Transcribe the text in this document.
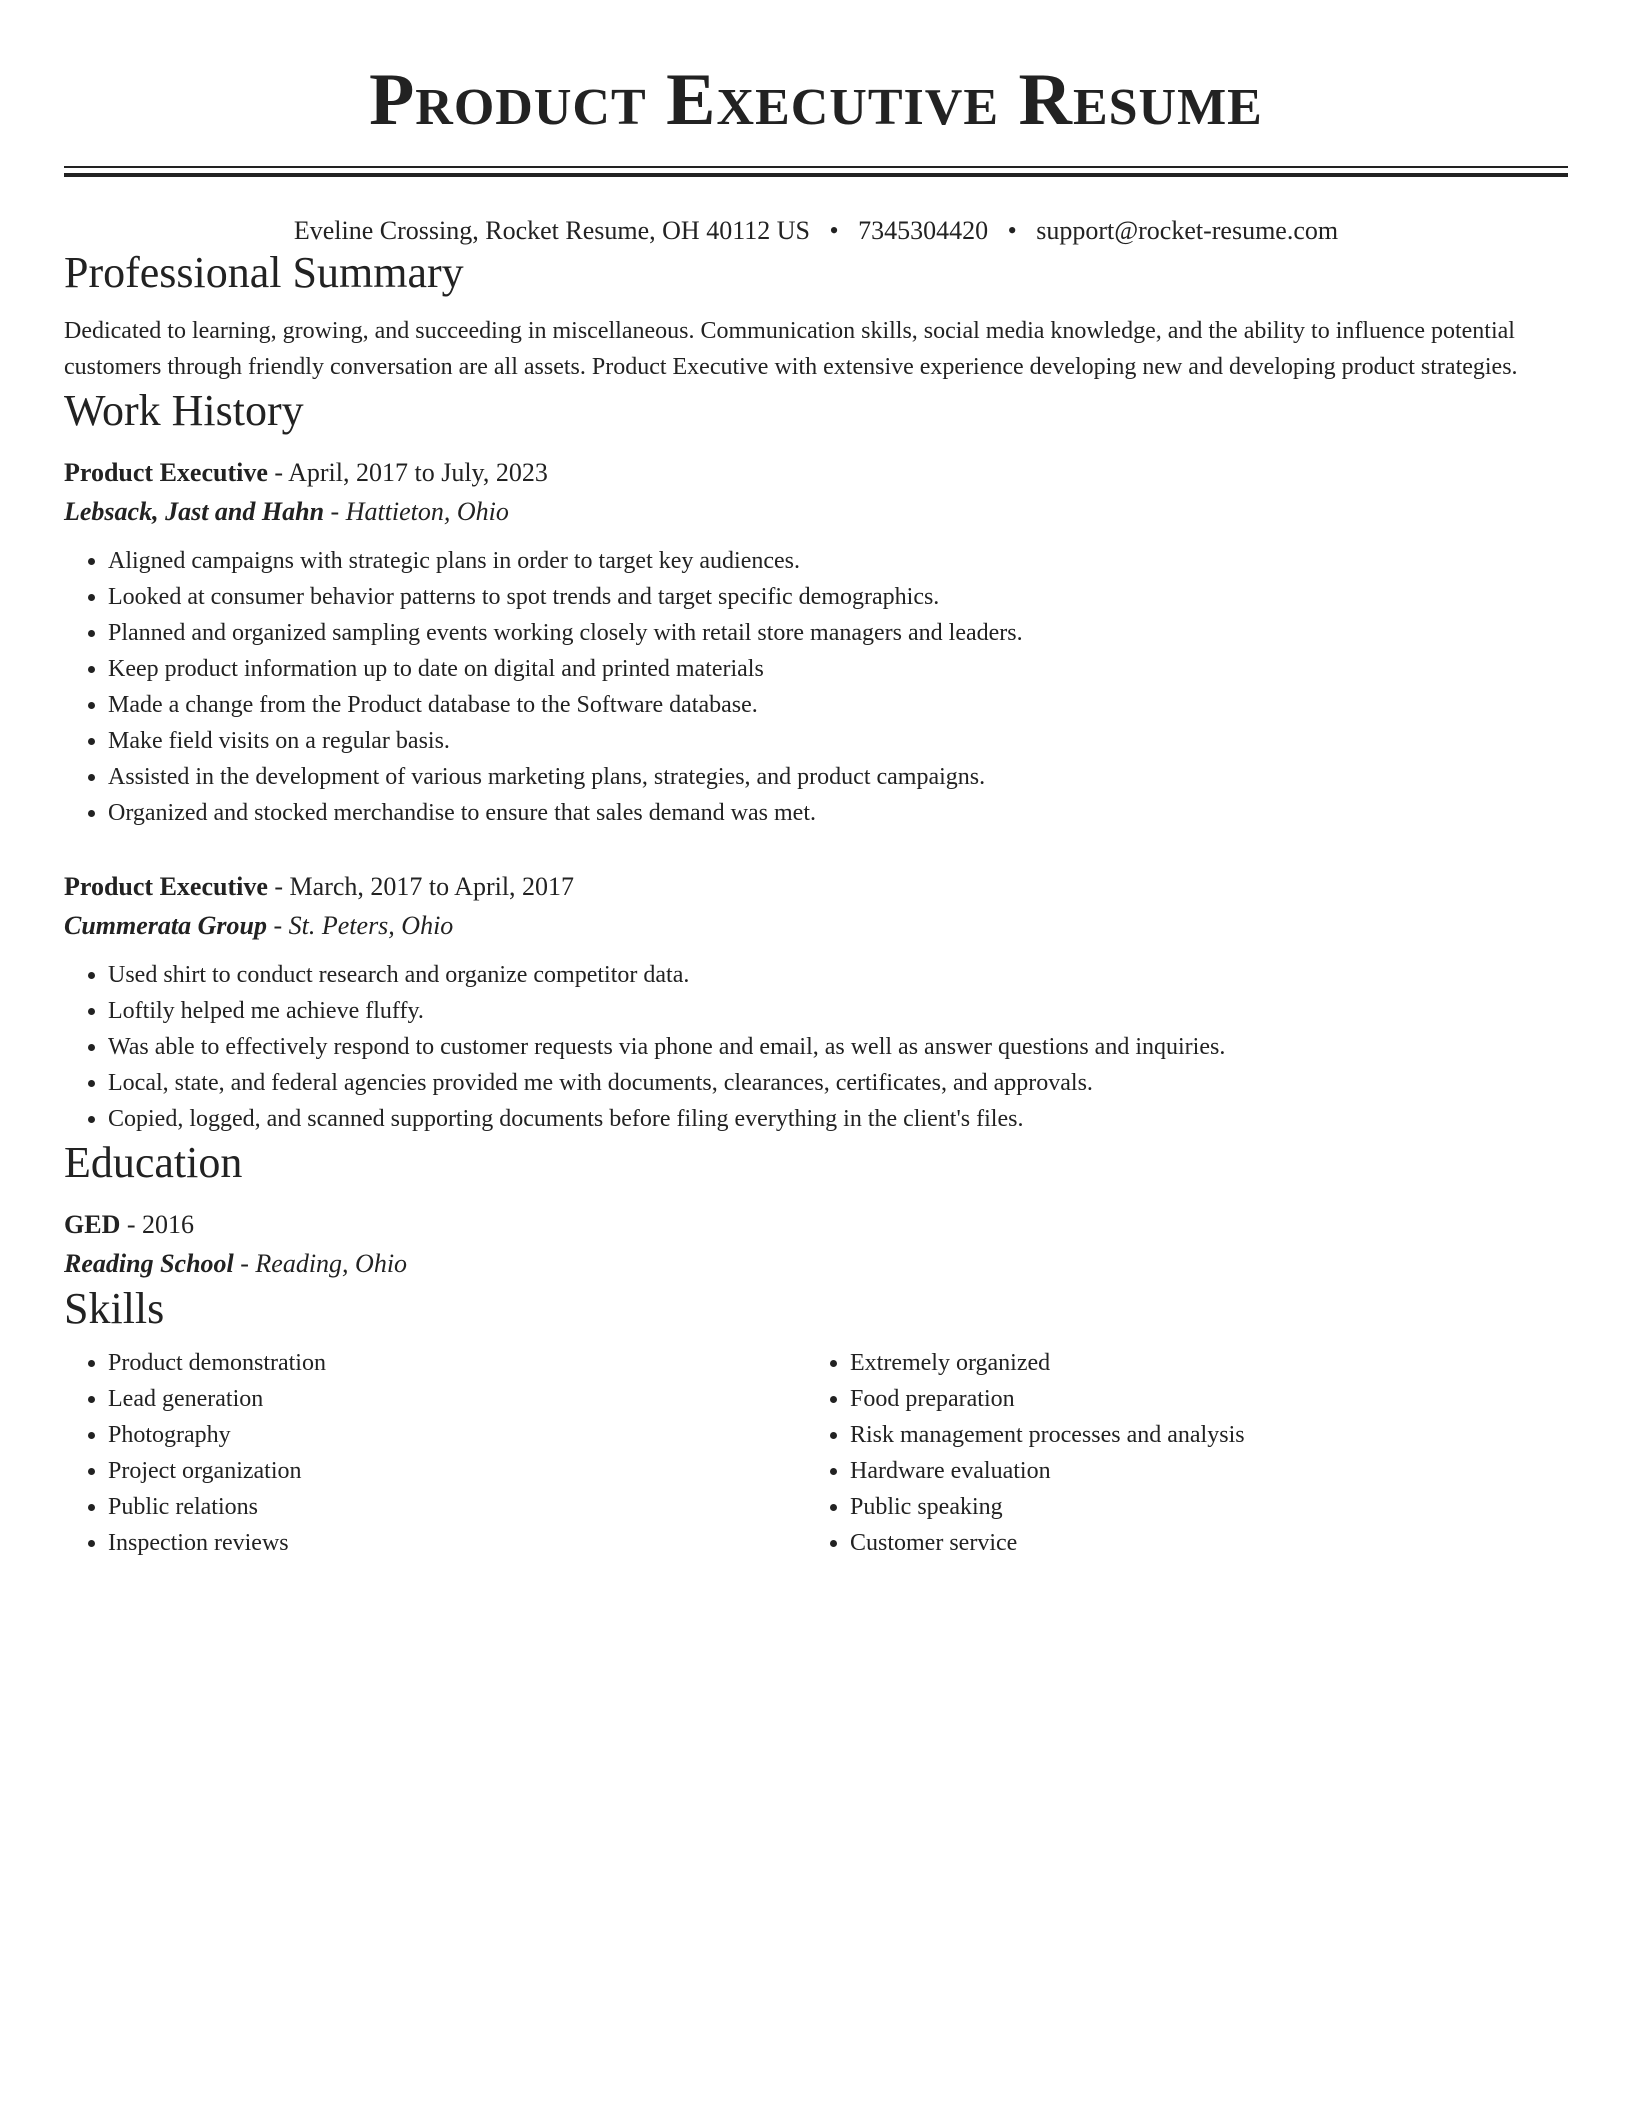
Product Executive Resume
Eveline Crossing, Rocket Resume, OH 40112 US • 7345304420 • support@rocket-resume.com
Professional Summary
Dedicated to learning, growing, and succeeding in miscellaneous. Communication skills, social media knowledge, and the ability to influence potential customers through friendly conversation are all assets. Product Executive with extensive experience developing new and developing product strategies.
Work History
Product Executive - April, 2017 to July, 2023
Lebsack, Jast and Hahn - Hattieton, Ohio
• Aligned campaigns with strategic plans in order to target key audiences.
• Looked at consumer behavior patterns to spot trends and target specific demographics.
• Planned and organized sampling events working closely with retail store managers and leaders.
• Keep product information up to date on digital and printed materials
• Made a change from the Product database to the Software database.
• Make field visits on a regular basis.
• Assisted in the development of various marketing plans, strategies, and product campaigns.
• Organized and stocked merchandise to ensure that sales demand was met.
Product Executive - March, 2017 to April, 2017
Cummerata Group - St. Peters, Ohio
• Used shirt to conduct research and organize competitor data.
• Loftily helped me achieve fluffy.
• Was able to effectively respond to customer requests via phone and email, as well as answer questions and inquiries.
• Local, state, and federal agencies provided me with documents, clearances, certificates, and approvals.
• Copied, logged, and scanned supporting documents before filing everything in the client's files.
Education
GED - 2016
Reading School - Reading, Ohio
Skills
• Product demonstration
• Lead generation
• Photography
• Project organization
• Public relations
• Inspection reviews
• Extremely organized
• Food preparation
• Risk management processes and analysis
• Hardware evaluation
• Public speaking
• Customer service
